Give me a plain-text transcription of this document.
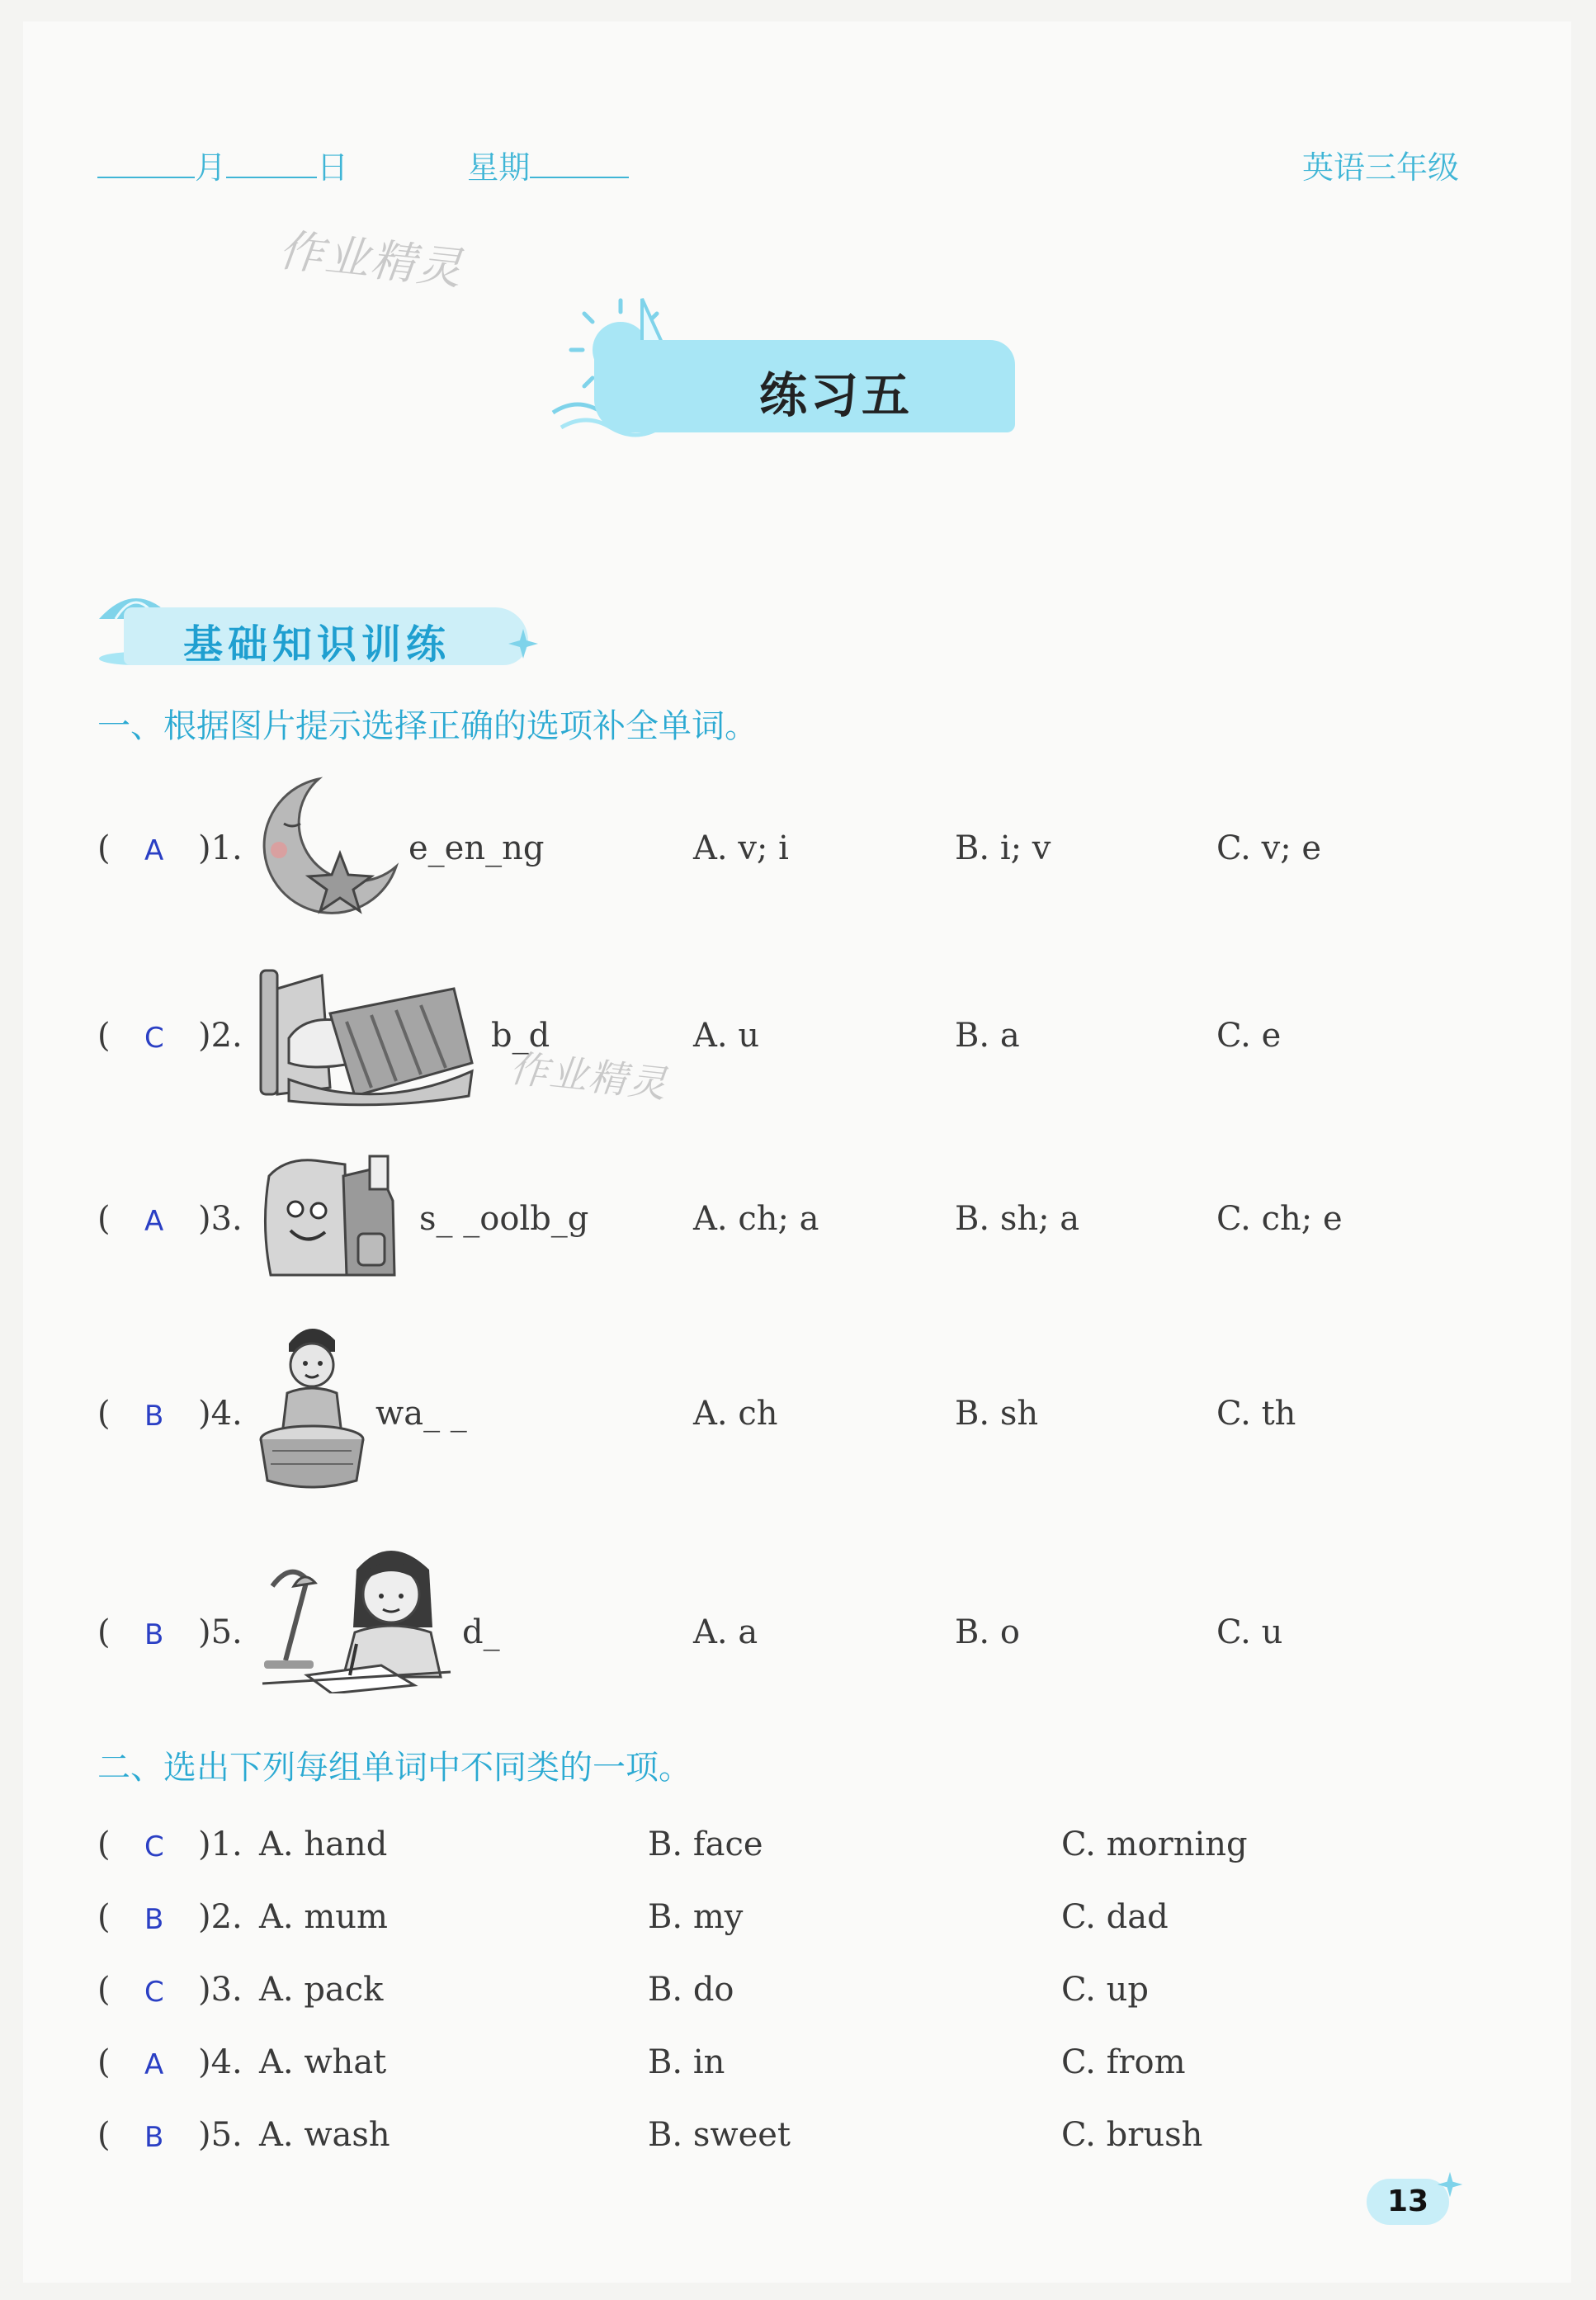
月	日	星期	英语三年级
作业精灵
作业精灵
练习五
基础知识训练
一、根据图片提示选择正确的选项补全单词。
( A )1.	e_en_ng	A. v; i	B. i; v	C. v; e
( C )2.	b_d	A. u	B. a	C. e
( A )3.	s_ _oolb_g	A. ch; a	B. sh; a	C. ch; e
( B )4.	wa_ _	A. ch	B. sh	C. th
( B )5.	d_	A. a	B. o	C. u
二、选出下列每组单词中不同类的一项。
( C )1. A. hand	B. face	C. morning
( B )2. A. mum	B. my	C. dad
( C )3. A. pack	B. do	C. up
( A )4. A. what	B. in	C. from
( B )5. A. wash	B. sweet	C. brush
13
